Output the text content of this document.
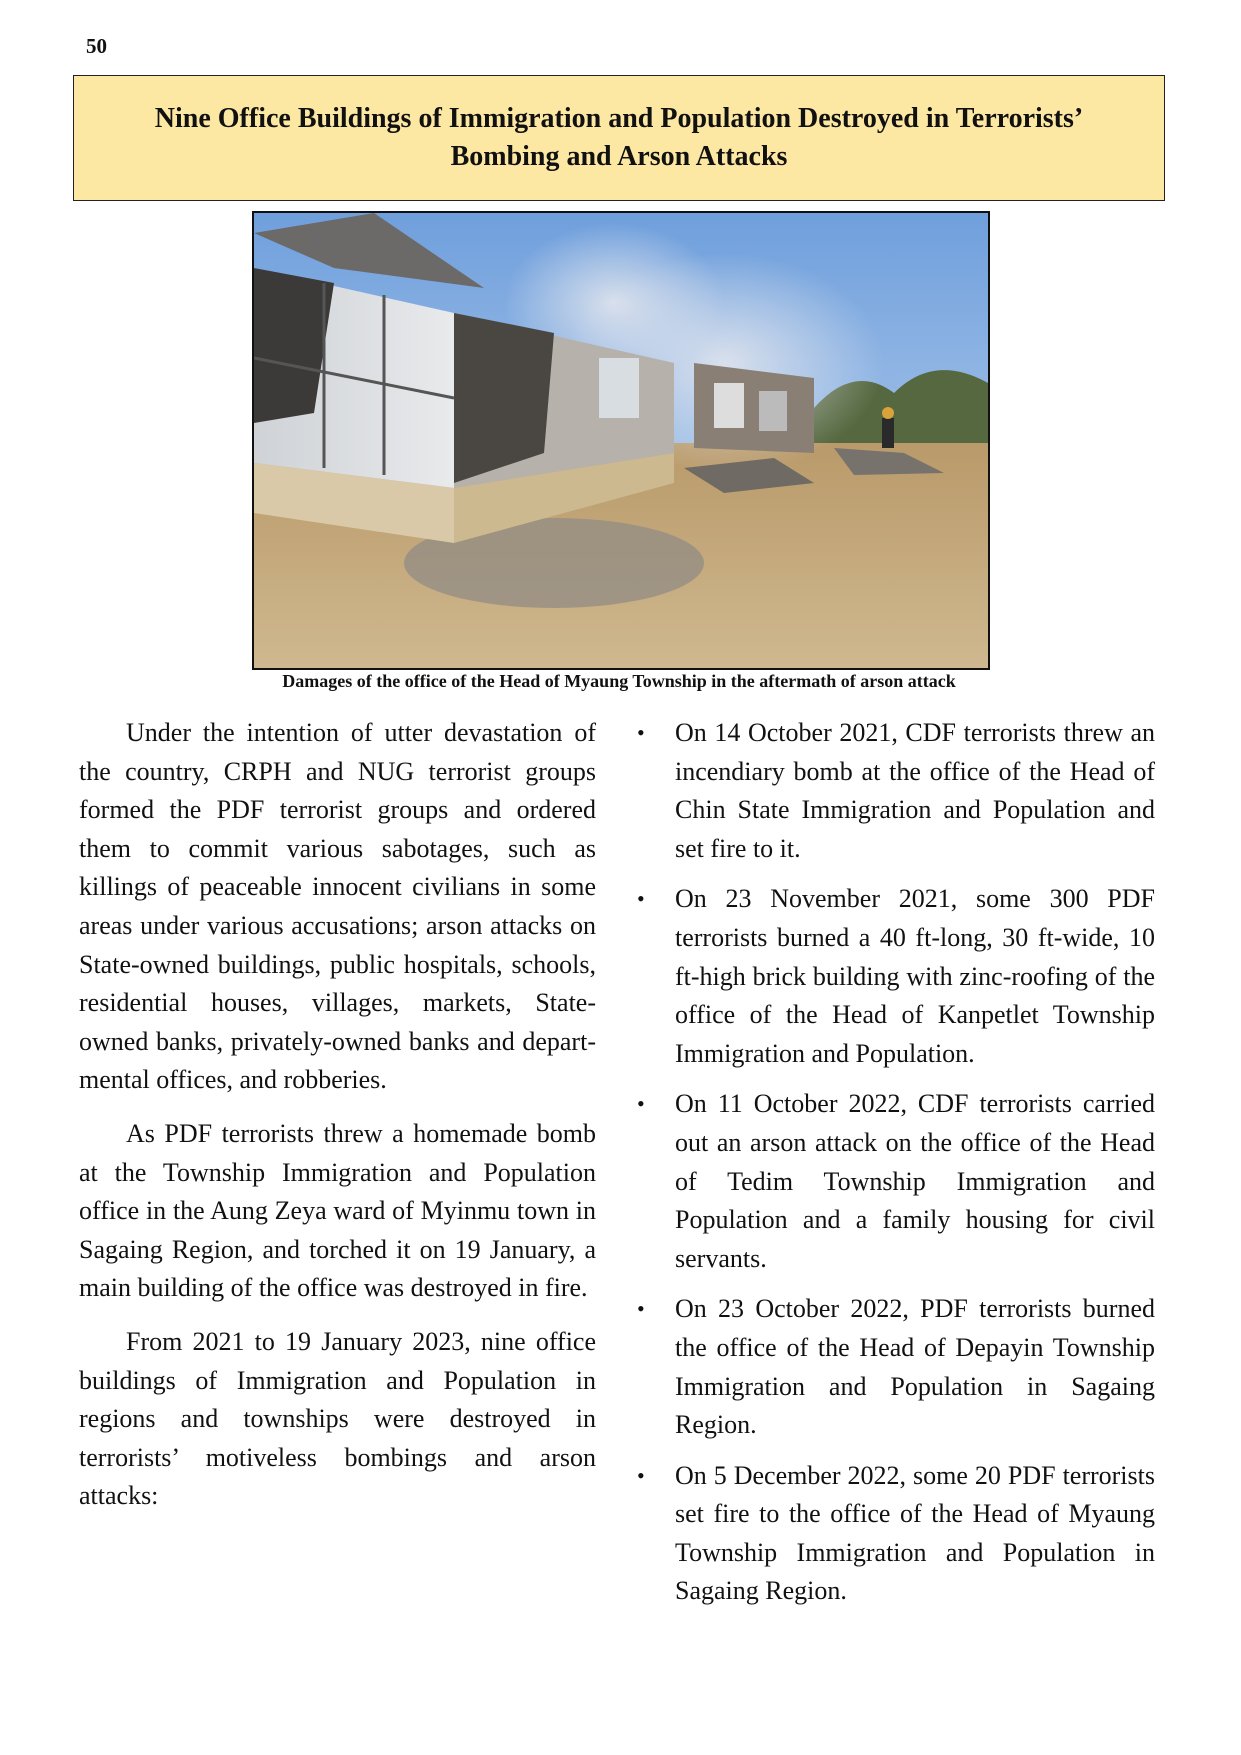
50
Nine Office Buildings of Immigration and Population Destroyed in Terrorists’
Bombing and Arson Attacks
Damages of the office of the Head of Myaung Township in the aftermath of arson attack

Under the intention of utter devastation of the country, CRPH and NUG terrorist groups formed the PDF terrorist groups and ordered them to commit various sabotages, such as killings of peaceable innocent civilians in some areas under various accusations; arson attacks on State-owned buildings, public hospitals, schools, residential houses, villages, markets, State-owned banks, privately-owned banks and departmental offices, and robberies.

As PDF terrorists threw a homemade bomb at the Township Immigration and Population office in the Aung Zeya ward of Myinmu town in Sagaing Region, and torched it on 19 January, a main building of the office was destroyed in fire.

From 2021 to 19 January 2023, nine office buildings of Immigration and Population in regions and townships were destroyed in terrorists’ motiveless bombings and arson attacks:

• On 14 October 2021, CDF terrorists threw an incendiary bomb at the office of the Head of Chin State Immigration and Population and set fire to it.
• On 23 November 2021, some 300 PDF terrorists burned a 40 ft-long, 30 ft-wide, 10 ft-high brick building with zinc-roofing of the office of the Head of Kanpetlet Township Immigration and Population.
• On 11 October 2022, CDF terrorists carried out an arson attack on the office of the Head of Tedim Township Immigration and Population and a family housing for civil servants.
• On 23 October 2022, PDF terrorists burned the office of the Head of Depayin Township Immigration and Population in Sagaing Region.
• On 5 December 2022, some 20 PDF terrorists set fire to the office of the Head of Myaung Township Immigration and Population in Sagaing Region.
